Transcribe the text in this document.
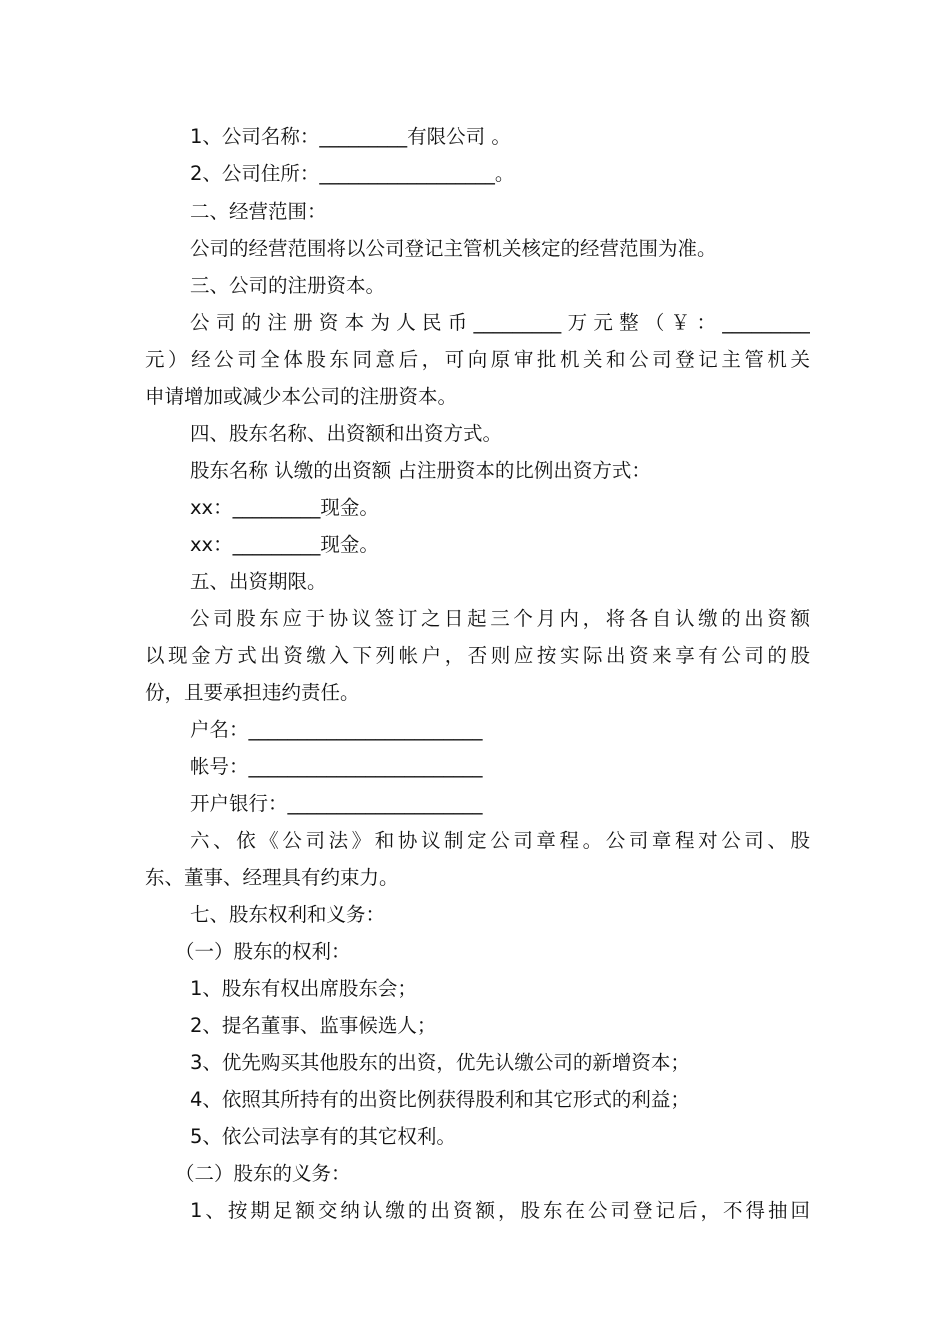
1、公司名称：_________有限公司 。
2、公司住所：__________________。
二、经营范围：
公司的经营范围将以公司登记主管机关核定的经营范围为准。
三、公司的注册资本。
公司的注册资本为人民币_________万元整（￥：_________
元）经公司全体股东同意后，可向原审批机关和公司登记主管机关
申请增加或减少本公司的注册资本。
四、股东名称、出资额和出资方式。
股东名称 认缴的出资额 占注册资本的比例出资方式：
xx：_________现金。
xx：_________现金。
五、出资期限。
公司股东应于协议签订之日起三个月内，将各自认缴的出资额
以现金方式出资缴入下列帐户，否则应按实际出资来享有公司的股
份，且要承担违约责任。
户名：________________________
帐号：________________________
开户银行：____________________
六、依《公司法》和协议制定公司章程。公司章程对公司、股
东、董事、经理具有约束力。
七、股东权利和义务：
（一）股东的权利：
1、股东有权出席股东会；
2、提名董事、监事候选人；
3、优先购买其他股东的出资，优先认缴公司的新增资本；
4、依照其所持有的出资比例获得股利和其它形式的利益；
5、依公司法享有的其它权利。
（二）股东的义务：
1、按期足额交纳认缴的出资额，股东在公司登记后，不得抽回
